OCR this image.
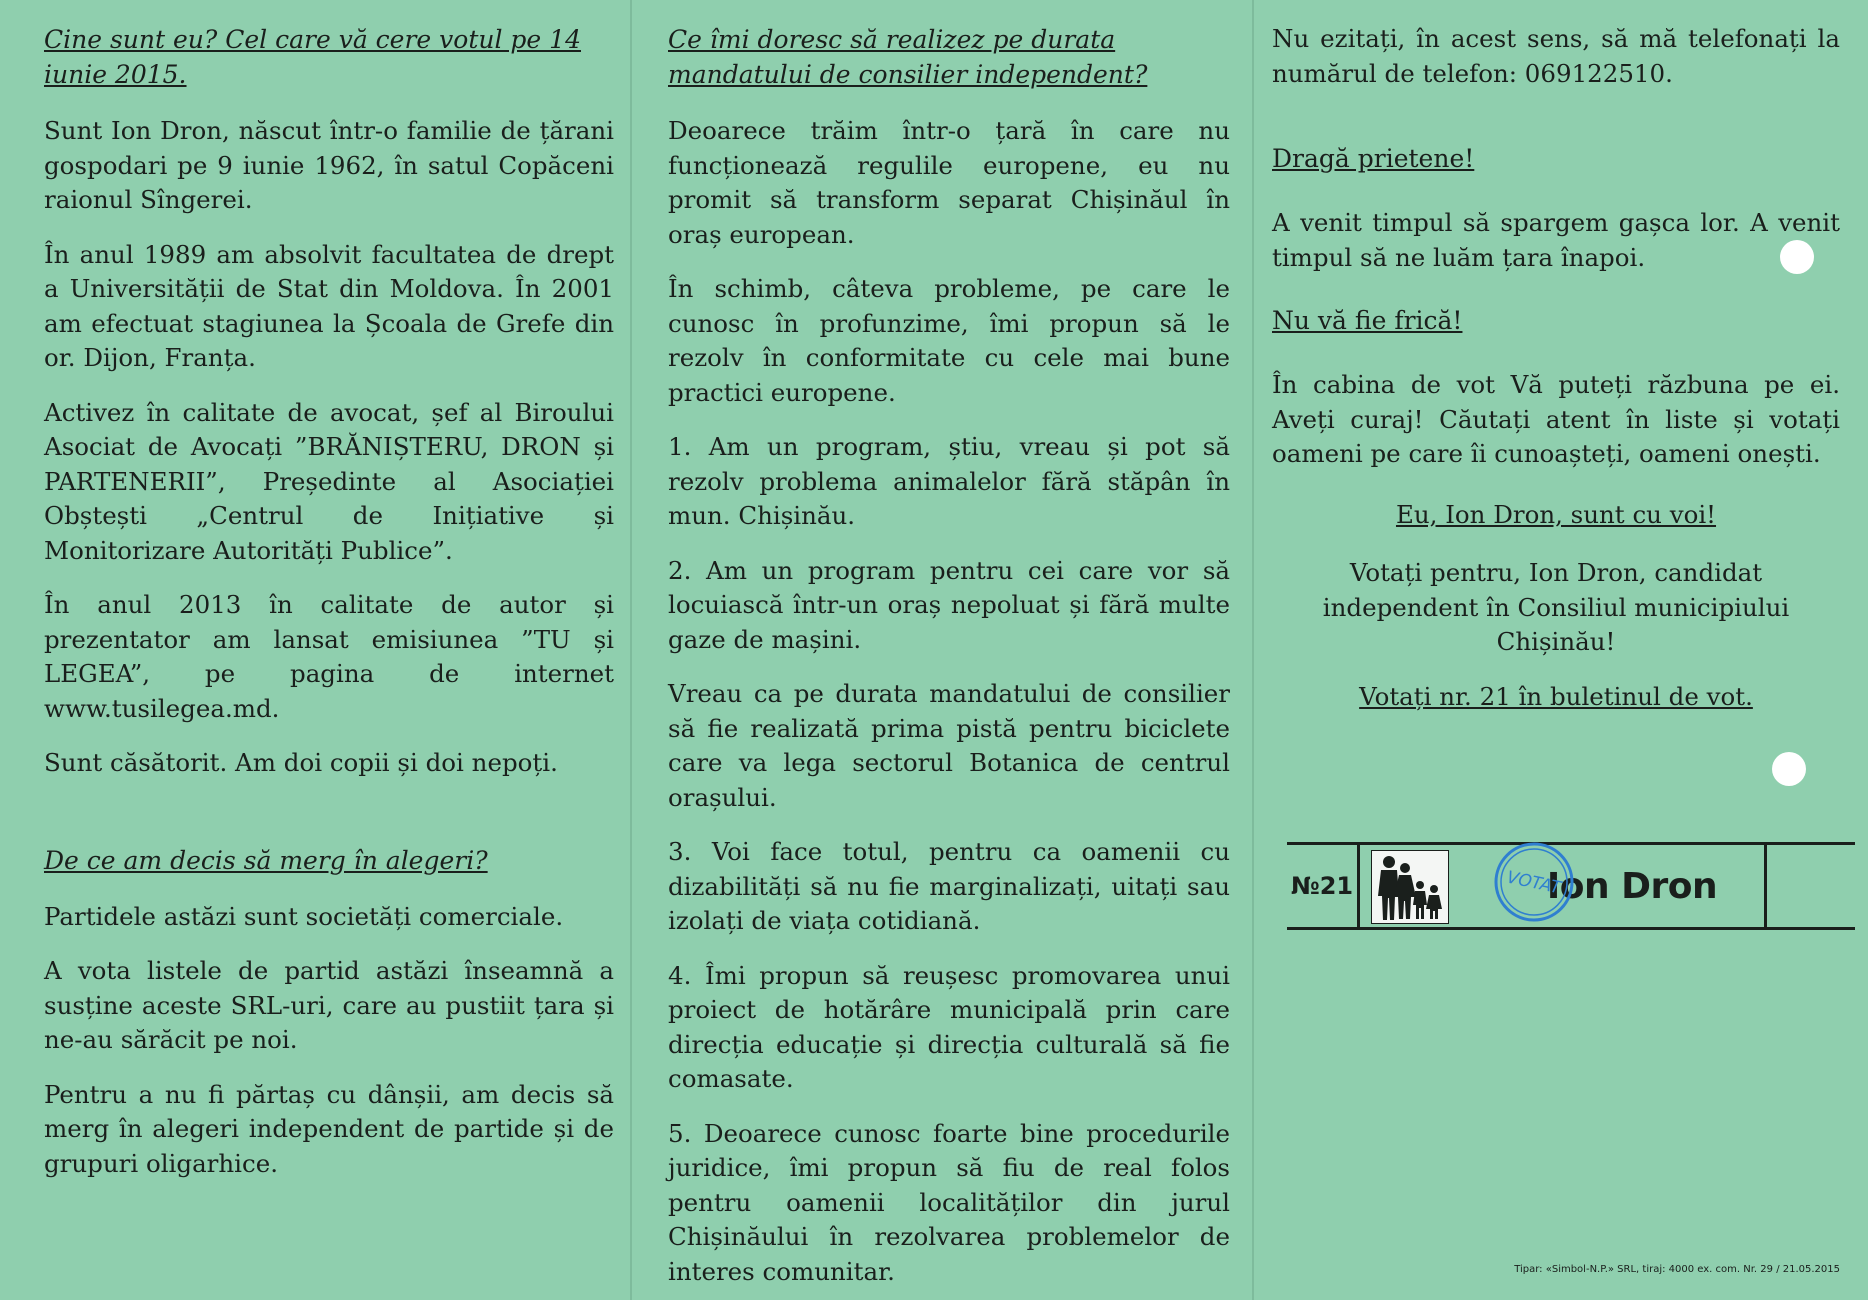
Cine sunt eu? Cel care vă cere votul pe 14 iunie 2015.

Sunt Ion Dron, născut într-o familie de țărani gospodari pe 9 iunie 1962, în satul Copăceni raionul Sîngerei.

În anul 1989 am absolvit facultatea de drept a Universității de Stat din Moldova. În 2001 am efectuat stagiunea la Școala de Grefe din or. Dijon, Franța.

Activez în calitate de avocat, șef al Biroului Asociat de Avocați ”BRĂNIȘTERU, DRON și PARTENERII”, Președinte al Asociației Obștești „Centrul de Inițiative și Monitorizare Autorități Publice”.

În anul 2013 în calitate de autor și prezentator am lansat emisiunea ”TU și LEGEA”, pe pagina de internet www.tusilegea.md.

Sunt căsătorit. Am doi copii și doi nepoți.

De ce am decis să merg în alegeri?

Partidele astăzi sunt societăți comerciale.

A vota listele de partid astăzi înseamnă a susține aceste SRL-uri, care au pustiit țara și ne-au sărăcit pe noi.

Pentru a nu fi părtaș cu dânșii, am decis să merg în alegeri independent de partide și de grupuri oligarhice.

Ce îmi doresc să realizez pe durata mandatului de consilier independent?

Deoarece trăim într-o țară în care nu funcționează regulile europene, eu nu promit să transform separat Chișinăul în oraș european.

În schimb, câteva probleme, pe care le cunosc în profunzime, îmi propun să le rezolv în conformitate cu cele mai bune practici europene.

1. Am un program, știu, vreau și pot să rezolv problema animalelor fără stăpân în mun. Chișinău.

2. Am un program pentru cei care vor să locuiască într-un oraș nepoluat și fără multe gaze de mașini.

Vreau ca pe durata mandatului de consilier să fie realizată prima pistă pentru biciclete care va lega sectorul Botanica de centrul orașului.

3. Voi face totul, pentru ca oamenii cu dizabilități să nu fie marginalizați, uitați sau izolați de viața cotidiană.

4. Îmi propun să reușesc promovarea unui proiect de hotărâre municipală prin care direcția educație și direcția culturală să fie comasate.

5. Deoarece cunosc foarte bine procedurile juridice, îmi propun să fiu de real folos pentru oamenii localităților din jurul Chișinăului în rezolvarea problemelor de interes comunitar.

Nu ezitați, în acest sens, să mă telefonați la numărul de telefon: 069122510.

Dragă prietene!

A venit timpul să spargem gașca lor. A venit timpul să ne luăm țara înapoi.

Nu vă fie frică!

În cabina de vot Vă puteți răzbuna pe ei. Aveți curaj! Căutați atent în liste și votați oameni pe care îi cunoașteți, oameni onești.

Eu, Ion Dron, sunt cu voi!

Votați pentru, Ion Dron, candidat independent în Consiliul municipiului Chișinău!

Votați nr. 21 în buletinul de vot.

№21	Ion Dron
VOTAT
Tipar: «Simbol-N.P.» SRL, tiraj: 4000 ex. com. Nr. 29 / 21.05.2015
